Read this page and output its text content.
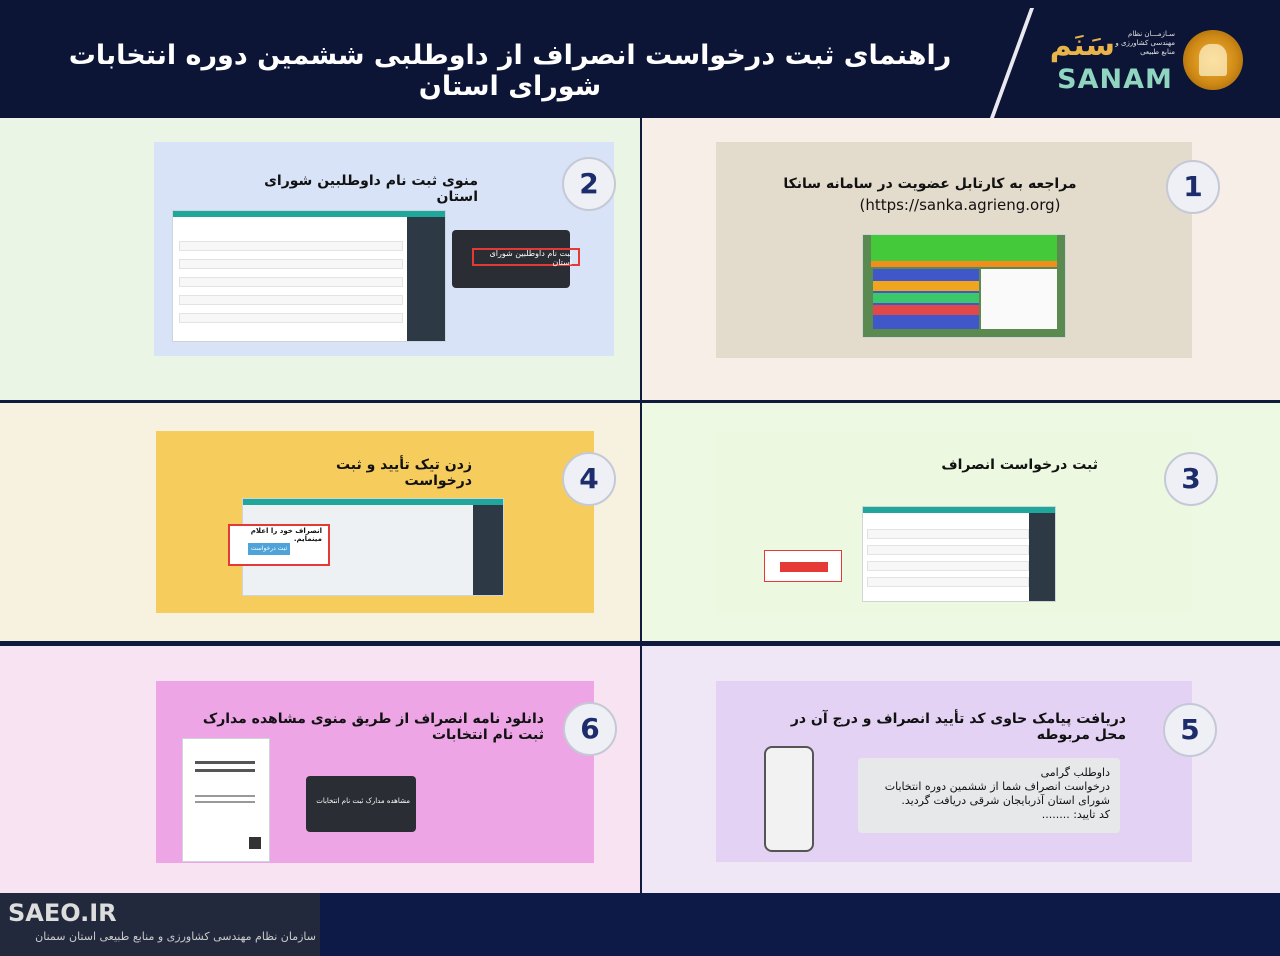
راهنمای ثبت درخواست انصراف از داوطلبی ششمین دوره انتخابات شورای استان
سَنَم	سـازمـــان نظام مهندسی کشاورزی و منابع طبیعی
SANAM
1
مراجعه به کارتابل عضویت در سامانه سانکا
(https://sanka.agrieng.org)
2
منوی ثبت نام داوطلبین شورای استان
ثبت نام داوطلبین شورای استان
3
ثبت درخواست انصراف
4
زدن تیک تأیید و ثبت درخواست
انصراف خود را اعلام مینمایم.
ثبت درخواست
5
دریافت پیامک حاوی کد تأیید انصراف و درج آن در محل مربوطه
داوطلب گرامی
درخواست انصراف شما از ششمین دوره انتخابات
شورای استان آذربایجان شرقی دریافت گردید.
کد تایید: ........
6
دانلود نامه انصراف از طریق منوی مشاهده مدارک ثبت نام انتخابات
مشاهده مدارک ثبت نام انتخابات
SAEO.IR
سازمان نظام مهندسی کشاورزی و منابع طبیعی استان سمنان
